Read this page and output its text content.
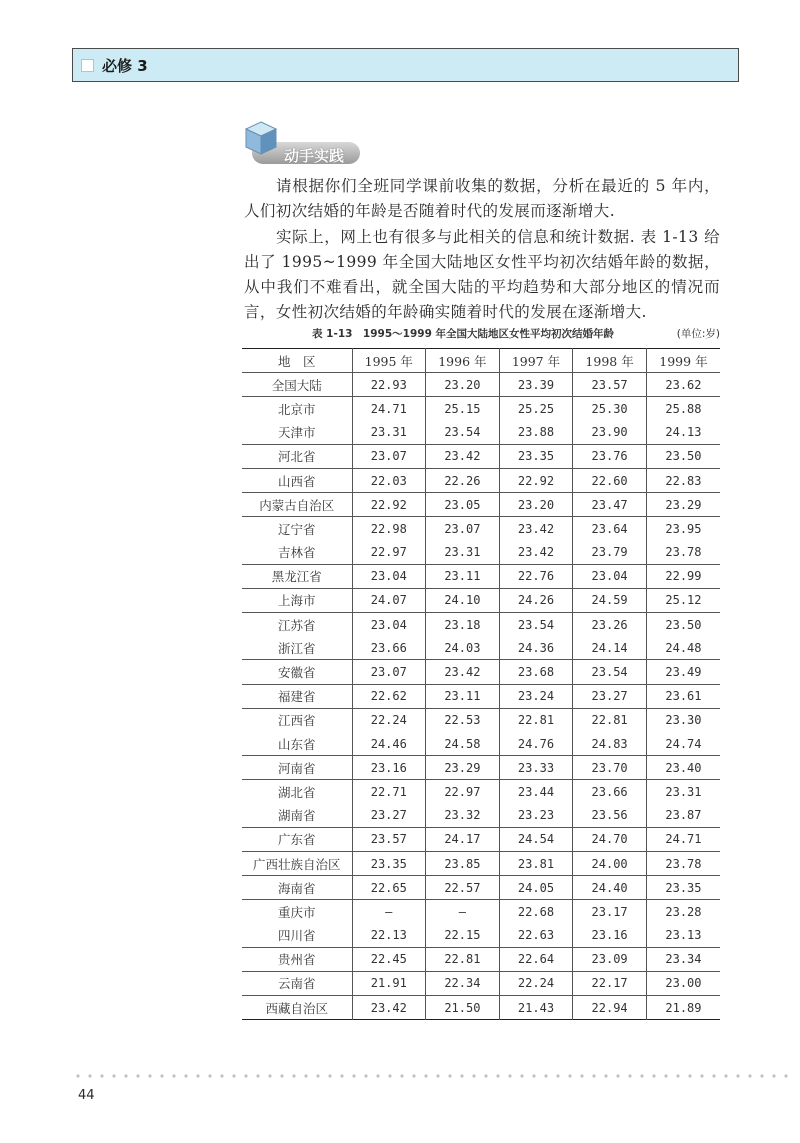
必修 3
动手实践

请根据你们全班同学课前收集的数据，分析在最近的 5 年内，人们初次结婚的年龄是否随着时代的发展而逐渐增大.

实际上，网上也有很多与此相关的信息和统计数据. 表 1-13 给出了 1995~1999 年全国大陆地区女性平均初次结婚年龄的数据，从中我们不难看出，就全国大陆的平均趋势和大部分地区的情况而言，女性初次结婚的年龄确实随着时代的发展在逐渐增大.

表 1-13　1995～1999 年全国大陆地区女性平均初次结婚年龄	(单位:岁)
地　区	1995 年	1996 年	1997 年	1998 年	1999 年
全国大陆	22.93	23.20	23.39	23.57	23.62
北京市	24.71	25.15	25.25	25.30	25.88
天津市	23.31	23.54	23.88	23.90	24.13
河北省	23.07	23.42	23.35	23.76	23.50
山西省	22.03	22.26	22.92	22.60	22.83
内蒙古自治区	22.92	23.05	23.20	23.47	23.29
辽宁省	22.98	23.07	23.42	23.64	23.95
吉林省	22.97	23.31	23.42	23.79	23.78
黑龙江省	23.04	23.11	22.76	23.04	22.99
上海市	24.07	24.10	24.26	24.59	25.12
江苏省	23.04	23.18	23.54	23.26	23.50
浙江省	23.66	24.03	24.36	24.14	24.48
安徽省	23.07	23.42	23.68	23.54	23.49
福建省	22.62	23.11	23.24	23.27	23.61
江西省	22.24	22.53	22.81	22.81	23.30
山东省	24.46	24.58	24.76	24.83	24.74
河南省	23.16	23.29	23.33	23.70	23.40
湖北省	22.71	22.97	23.44	23.66	23.31
湖南省	23.27	23.32	23.23	23.56	23.87
广东省	23.57	24.17	24.54	24.70	24.71
广西壮族自治区	23.35	23.85	23.81	24.00	23.78
海南省	22.65	22.57	24.05	24.40	23.35
重庆市	—	—	22.68	23.17	23.28
四川省	22.13	22.15	22.63	23.16	23.13
贵州省	22.45	22.81	22.64	23.09	23.34
云南省	21.91	22.34	22.24	22.17	23.00
西藏自治区	23.42	21.50	21.43	22.94	21.89
44
